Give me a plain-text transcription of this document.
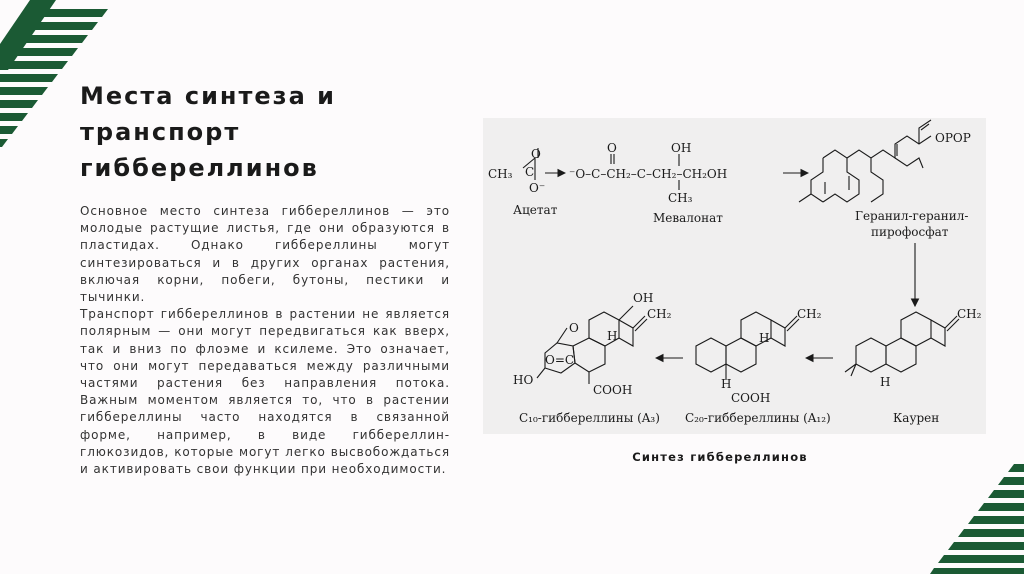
Места синтеза и транспорт гиббереллинов

Основное место синтеза гиббереллинов — это молодые растущие листья, где они образуются в пластидах. Однако гиббереллины могут синтезироваться и в других органах растения, включая корни, побеги, бутоны, пестики и тычинки.

Транспорт гиббереллинов в растении не является полярным — они могут передвигаться как вверх, так и вниз по флоэме и ксилеме. Это означает, что они могут передаваться между различными частями растения без направления потока. Важным моментом является то, что в растении гиббереллины часто находятся в связанной форме, например, в виде гиббереллин-глюкозидов, которые могут легко высвобождаться и активировать свои функции при необходимости.

CH₃
O
C
O⁻
Ацетат
O	OH
⁻O–C–CH₂–C–CH₂–CH₂OH
CH₃
Мевалонат
OPOP
Геранил-геранил-
пирофосфат
CH₂
H
Каурен
CH₂
H
H
COOH
C₂₀-гиббереллины (A₁₂)
OH
CH₂
H
O
O=C
HO
COOH
C₁₀-гиббереллины (A₃)
Синтез гиббереллинов
